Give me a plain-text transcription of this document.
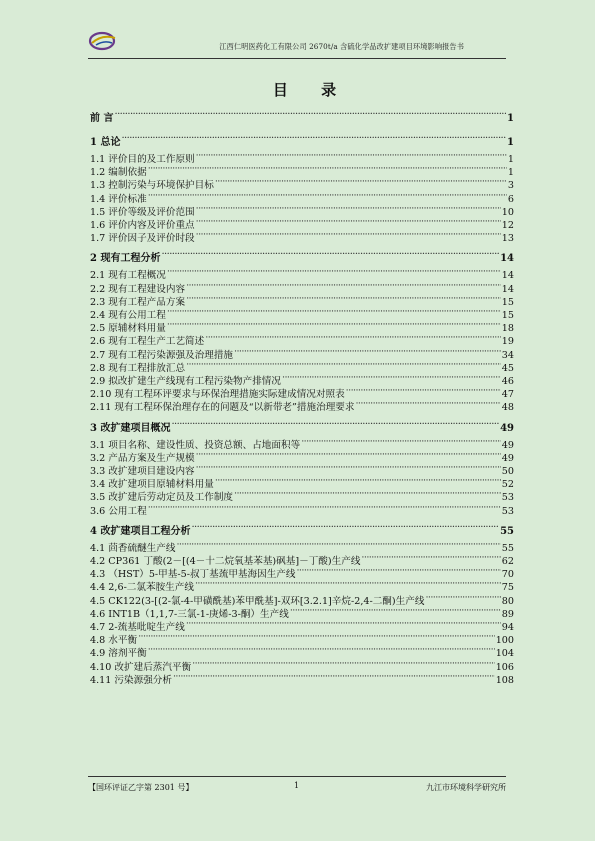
江西仁明医药化工有限公司 2670t/a 含硫化学品改扩建项目环境影响报告书
目 录
前 言 ·····	1
1 总论 ·····	1
1.1 评价目的及工作原则 ·····	1
1.2 编制依据 ·····	1
1.3 控制污染与环境保护目标 ·····	3
1.4 评价标准 ·····	6
1.5 评价等级及评价范围 ·····	10
1.6 评价内容及评价重点 ·····	12
1.7 评价因子及评价时段 ·····	13
2 现有工程分析 ·····	14
2.1 现有工程概况 ·····	14
2.2 现有工程建设内容 ·····	14
2.3 现有工程产品方案 ·····	15
2.4 现有公用工程 ·····	15
2.5 原辅材料用量 ·····	18
2.6 现有工程生产工艺简述 ·····	19
2.7 现有工程污染源强及治理措施 ·····	34
2.8 现有工程排放汇总 ·····	45
2.9 拟改扩建生产线现有工程污染物产排情况 ·····	46
2.10 现有工程环评要求与环保治理措施实际建成情况对照表 ·····	47
2.11 现有工程环保治理存在的问题及“以新带老”措施治理要求 ·····	48
3 改扩建项目概况 ·····	49
3.1 项目名称、建设性质、投资总额、占地面积等 ·····	49
3.2 产品方案及生产规模 ·····	49
3.3 改扩建项目建设内容 ·····	50
3.4 改扩建项目原辅材料用量 ·····	52
3.5 改扩建后劳动定员及工作制度 ·····	53
3.6 公用工程 ·····	53
4 改扩建项目工程分析 ·····	55
4.1 茴香硫醚生产线 ·····	55
4.2 CP361 丁酸(2－[(4－十二烷氧基苯基)砜基]－丁酸)生产线 ·····	62
4.3 （HST）5-甲基-5-叔丁基巯甲基海因生产线 ·····	70
4.4 2,6-二氯苯胺生产线 ·····	75
4.5 CK122(3-[(2-氯-4-甲磺酰基)苯甲酰基]-双环[3.2.1]辛烷-2,4-二酮)生产线 ·····	80
4.6 INT1B（1,1,7-三氯-1-庚烯-3-酮）生产线 ·····	89
4.7 2-巯基吡啶生产线 ·····	94
4.8 水平衡 ·····	100
4.9 溶剂平衡 ·····	104
4.10 改扩建后蒸汽平衡 ·····	106
4.11 污染源强分析 ·····	108
【国环评证乙字第 2301 号】	1	九江市环境科学研究所
